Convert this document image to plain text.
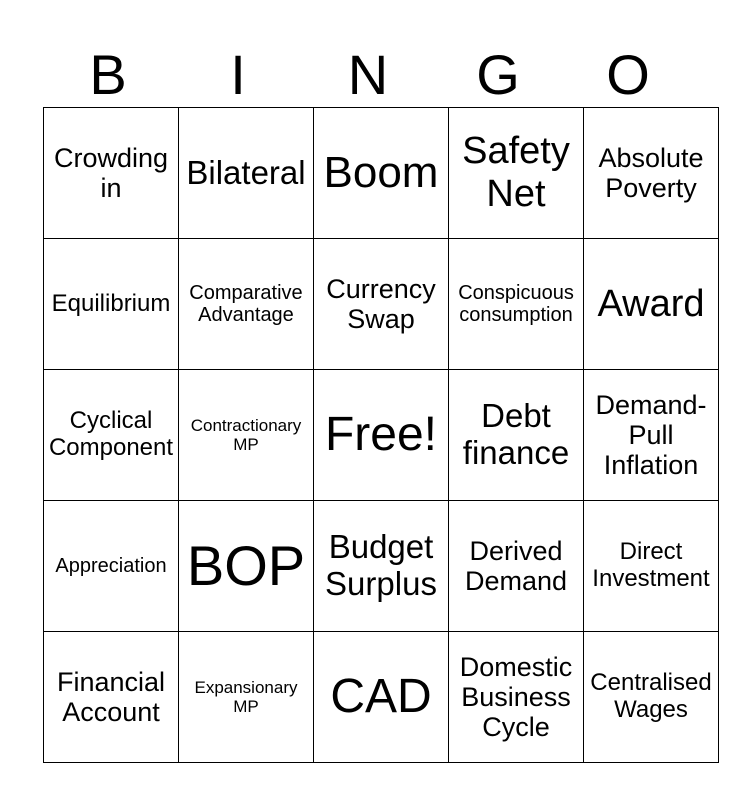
B	I	N	G	O
Crowding in	Bilateral	Boom	Safety Net	Absolute Poverty
Equilibrium	Comparative Advantage	Currency Swap	Conspicuous consumption	Award
Cyclical Component	Contractionary MP	Free!	Debt finance	Demand-Pull Inflation
Appreciation	BOP	Budget Surplus	Derived Demand	Direct Investment
Financial Account	Expansionary MP	CAD	Domestic Business Cycle	Centralised Wages
